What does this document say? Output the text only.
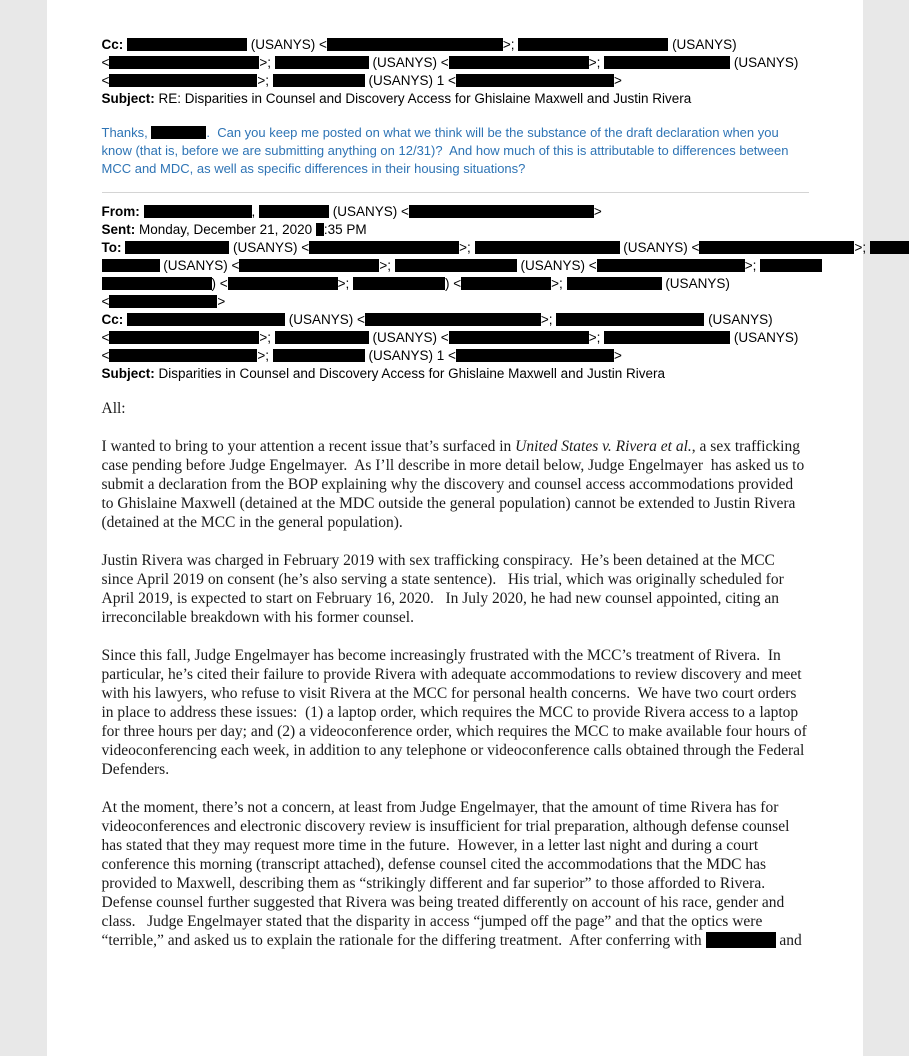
Cc:	(USANYS) <	>;	(USANYS)
<	>;	(USANYS) <	>;	(USANYS)
<	>;	(USANYS) 1 <	>
Subject: RE: Disparities in Counsel and Discovery Access for Ghislaine Maxwell and Justin Rivera
Thanks,	.  Can you keep me posted on what we think will be the substance of the draft declaration when you know (that is, before we are submitting anything on 12/31)?  And how much of this is attributable to differences between MCC and MDC, as well as specific differences in their housing situations?
From:	,	(USANYS) <	>
Sent: Monday, December 21, 2020 :35 PM
To:	(USANYS) <	>;	(USANYS) <	>;
(USANYS) <	>;	(USANYS) <	>;
) <	>;	) <	>;	(USANYS)
<	>
Cc:	(USANYS) <	>;	(USANYS)
<	>;	(USANYS) <	>;	(USANYS)
<	>;	(USANYS) 1 <	>
Subject: Disparities in Counsel and Discovery Access for Ghislaine Maxwell and Justin Rivera

All:

I wanted to bring to your attention a recent issue that’s surfaced in United States v. Rivera et al., a sex trafficking case pending before Judge Engelmayer.  As I’ll describe in more detail below, Judge Engelmayer  has asked us to submit a declaration from the BOP explaining why the discovery and counsel access accommodations provided to Ghislaine Maxwell (detained at the MDC outside the general population) cannot be extended to Justin Rivera (detained at the MCC in the general population).

Justin Rivera was charged in February 2019 with sex trafficking conspiracy.  He’s been detained at the MCC since April 2019 on consent (he’s also serving a state sentence).   His trial, which was originally scheduled for April 2019, is expected to start on February 16, 2020.   In July 2020, he had new counsel appointed, citing an irreconcilable breakdown with his former counsel.

Since this fall, Judge Engelmayer has become increasingly frustrated with the MCC’s treatment of Rivera.  In particular, he’s cited their failure to provide Rivera with adequate accommodations to review discovery and meet with his lawyers, who refuse to visit Rivera at the MCC for personal health concerns.  We have two court orders in place to address these issues:  (1) a laptop order, which requires the MCC to provide Rivera access to a laptop for three hours per day; and (2) a videoconference order, which requires the MCC to make available four hours of videoconferencing each week, in addition to any telephone or videoconference calls obtained through the Federal Defenders.

At the moment, there’s not a concern, at least from Judge Engelmayer, that the amount of time Rivera has for videoconferences and electronic discovery review is insufficient for trial preparation, although defense counsel has stated that they may request more time in the future.  However, in a letter last night and during a court conference this morning (transcript attached), defense counsel cited the accommodations that the MDC has provided to Maxwell, describing them as “strikingly different and far superior” to those afforded to Rivera.  Defense counsel further suggested that Rivera was being treated differently on account of his race, gender and class.   Judge Engelmayer stated that the disparity in access “jumped off the page” and that the optics were “terrible,” and asked us to explain the rationale for the differing treatment.  After conferring with	and
